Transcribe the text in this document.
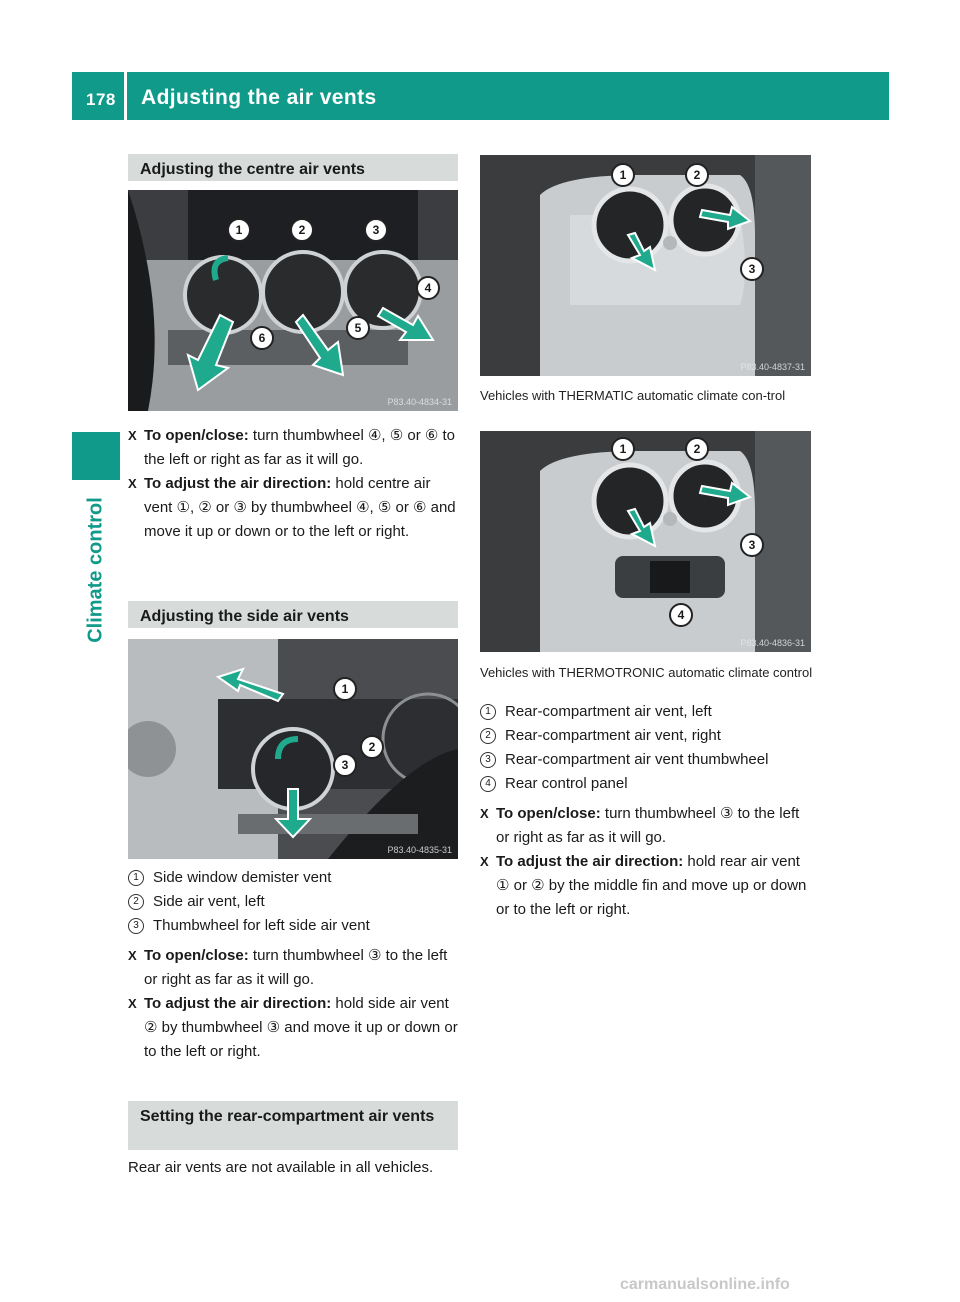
178 Adjusting the air vents
Climate control
Adjusting the centre air vents
1	2	3
4
5
6
P83.40-4834-31
X To open/close: turn thumbwheel ④, ⑤ or ⑥ to the left or right as far as it will go.
X To adjust the air direction: hold centre air vent ①, ② or ③ by thumbwheel ④, ⑤ or ⑥ and move it up or down or to the left or right.
Adjusting the side air vents
1
2
3
P83.40-4835-31
1 Side window demister vent
2 Side air vent, left
3 Thumbwheel for left side air vent
X To open/close: turn thumbwheel ③ to the left or right as far as it will go.
X To adjust the air direction: hold side air vent ② by thumbwheel ③ and move it up or down or to the left or right.
Setting the rear-compartment air vents
Rear air vents are not available in all vehicles.
1	2
3
P83.40-4837-31
Vehicles with THERMATIC automatic climate con-trol
1	2
3
4
P83.40-4836-31
Vehicles with THERMOTRONIC automatic climate control
1 Rear-compartment air vent, left
2 Rear-compartment air vent, right
3 Rear-compartment air vent thumbwheel
4 Rear control panel
X To open/close: turn thumbwheel ③ to the left or right as far as it will go.
X To adjust the air direction: hold rear air vent ① or ② by the middle fin and move up or down or to the left or right.
carmanualsonline.info
